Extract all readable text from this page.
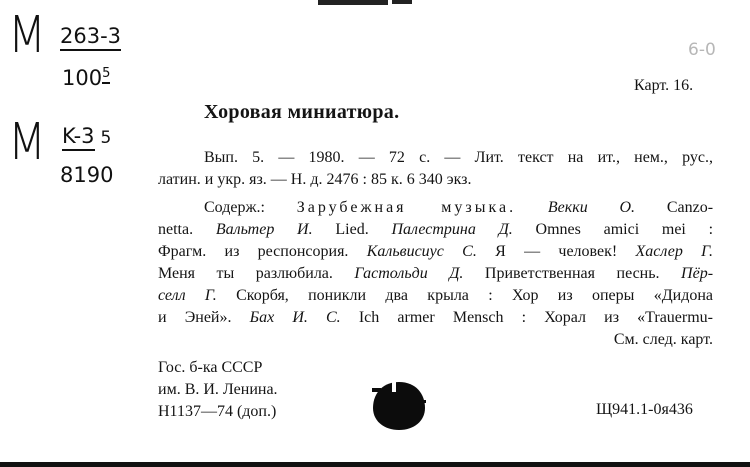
M 263-3
$100^5$
M K-3 5
8190
6-0
Карт. 16.
Хоровая миниатюра.
Вып. 5. — 1980. — 72 с. — Лит. текст на ит., нем., рус.,
латин. и укр. яз. — Н. д. 2476 : 85 к. 6 340 экз.
Содерж.: Зарубежная музыка. Векки О. Canzo-
netta. Вальтер И. Lied. Палестрина Д. Omnes amici mei :
Фрагм. из респонсория. Кальвисиус С. Я — человек! Хаслер Г.
Меня ты разлюбила. Гастольди Д. Приветственная песнь. Пёр-
селл Г. Скорбя, поникли два крыла : Хор из оперы «Дидона
и Эней». Бах И. С. Ich armer Mensch : Хорал из «Trauermu-
См. след. карт.
Гос. б-ка СССР
им. В. И. Ленина.
Н1137—74 (доп.)	Щ941.1-0я436
